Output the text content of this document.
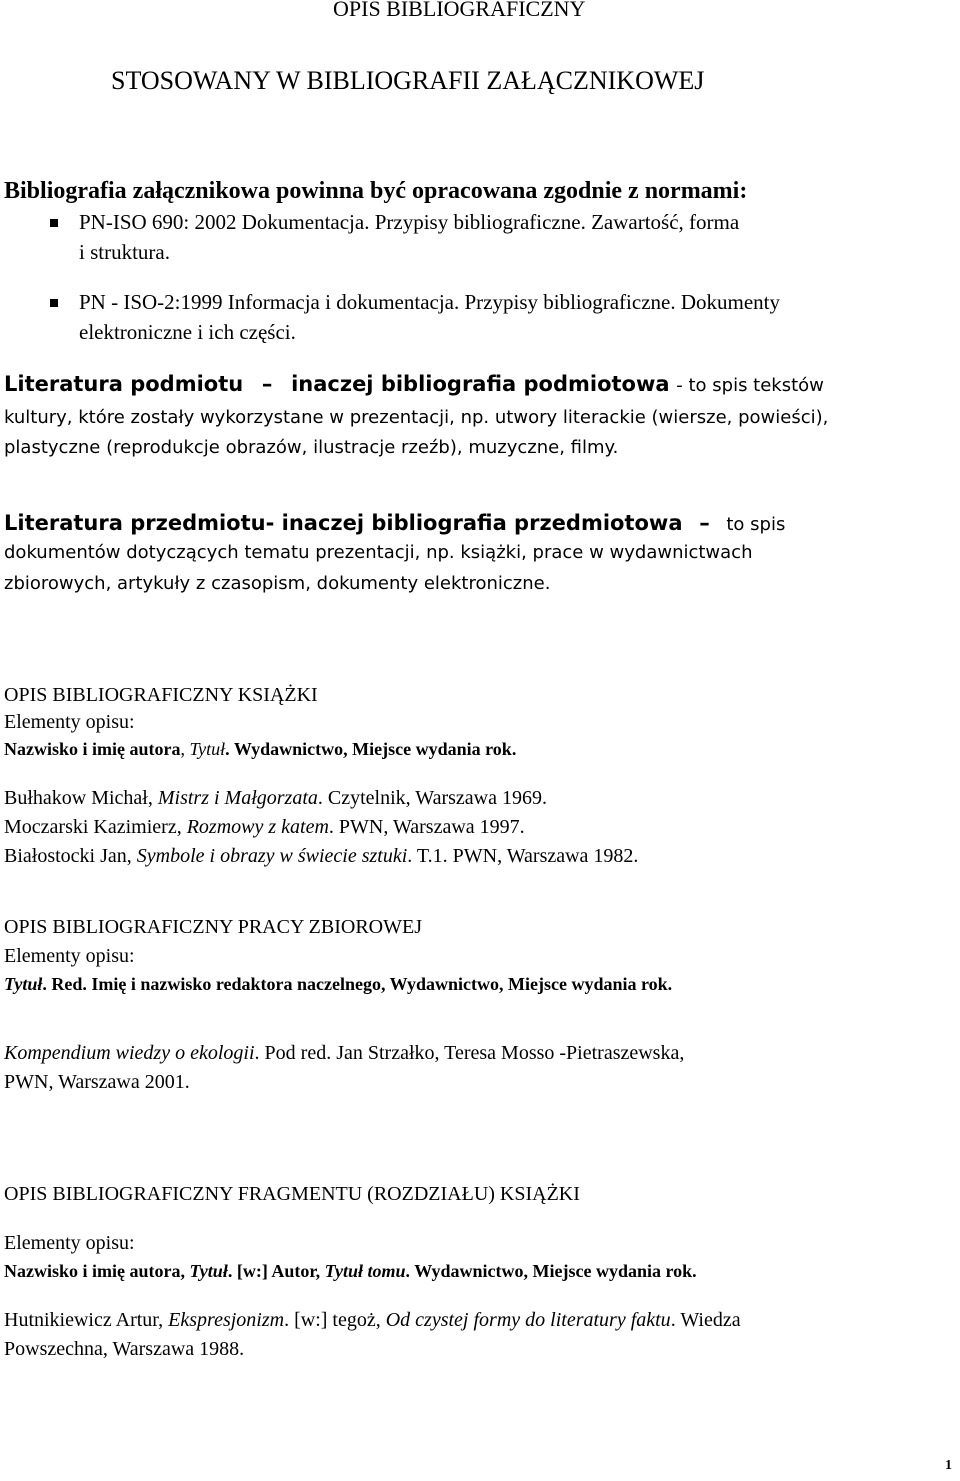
OPIS BIBLIOGRAFICZNY
STOSOWANY W BIBLIOGRAFII ZAŁĄCZNIKOWEJ
Bibliografia załącznikowa powinna być opracowana zgodnie z normami:
PN-ISO 690: 2002 Dokumentacja. Przypisy bibliograficzne. Zawartość, forma
i struktura.
PN - ISO-2:1999 Informacja i dokumentacja. Przypisy bibliograficzne. Dokumenty
elektroniczne i ich części.
Literatura podmiotu – inaczej bibliografia podmiotowa - to spis tekstów
kultury, które zostały wykorzystane w prezentacji, np. utwory literackie (wiersze, powieści),
plastyczne (reprodukcje obrazów, ilustracje rzeźb), muzyczne, filmy.
Literatura przedmiotu- inaczej bibliografia przedmiotowa – to spis
dokumentów dotyczących tematu prezentacji, np. książki, prace w wydawnictwach
zbiorowych, artykuły z czasopism, dokumenty elektroniczne.
OPIS BIBLIOGRAFICZNY KSIĄŻKI
Elementy opisu:
Nazwisko i imię autora, Tytuł. Wydawnictwo, Miejsce wydania rok.
Bułhakow Michał, Mistrz i Małgorzata. Czytelnik, Warszawa 1969.
Moczarski Kazimierz, Rozmowy z katem. PWN, Warszawa 1997.
Białostocki Jan, Symbole i obrazy w świecie sztuki. T.1. PWN, Warszawa 1982.
OPIS BIBLIOGRAFICZNY PRACY ZBIOROWEJ
Elementy opisu:
Tytuł. Red. Imię i nazwisko redaktora naczelnego, Wydawnictwo, Miejsce wydania rok.
Kompendium wiedzy o ekologii. Pod red. Jan Strzałko, Teresa Mosso -Pietraszewska,
PWN, Warszawa 2001.
OPIS BIBLIOGRAFICZNY FRAGMENTU (ROZDZIAŁU) KSIĄŻKI
Elementy opisu:
Nazwisko i imię autora, Tytuł. [w:] Autor, Tytuł tomu. Wydawnictwo, Miejsce wydania rok.
Hutnikiewicz Artur, Ekspresjonizm. [w:] tegoż, Od czystej formy do literatury faktu. Wiedza
Powszechna, Warszawa 1988.
1
